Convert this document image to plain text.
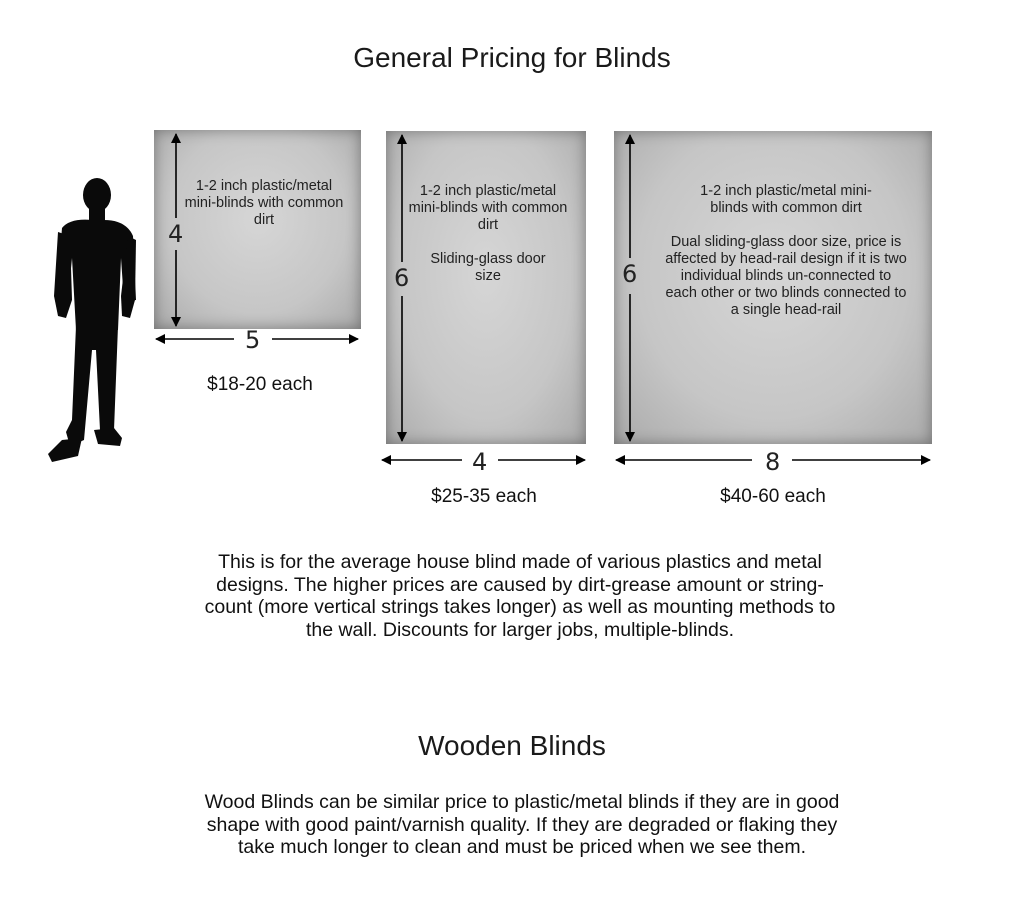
General Pricing for Blinds

1-2 inch plastic/metal mini-blinds with common dirt

1-2 inch plastic/metal mini-blinds with common dirt

Sliding-glass door size

1-2 inch plastic/metal mini-blinds with common dirt

Dual sliding-glass door size, price is affected by head-rail design if it is two individual blinds un-connected to each other or two blinds connected to a single head-rail

4
5
6
4
6
8
$18-20 each
$25-35 each	$40-60 each
This is for the average house blind made of various plastics and metal designs. The higher prices are caused by dirt-grease amount or string-count (more vertical strings takes longer) as well as mounting methods to the wall. Discounts for larger jobs, multiple-blinds.
Wooden Blinds
Wood Blinds can be similar price to plastic/metal blinds if they are in good shape with good paint/varnish quality. If they are degraded or flaking they take much longer to clean and must be priced when we see them.
